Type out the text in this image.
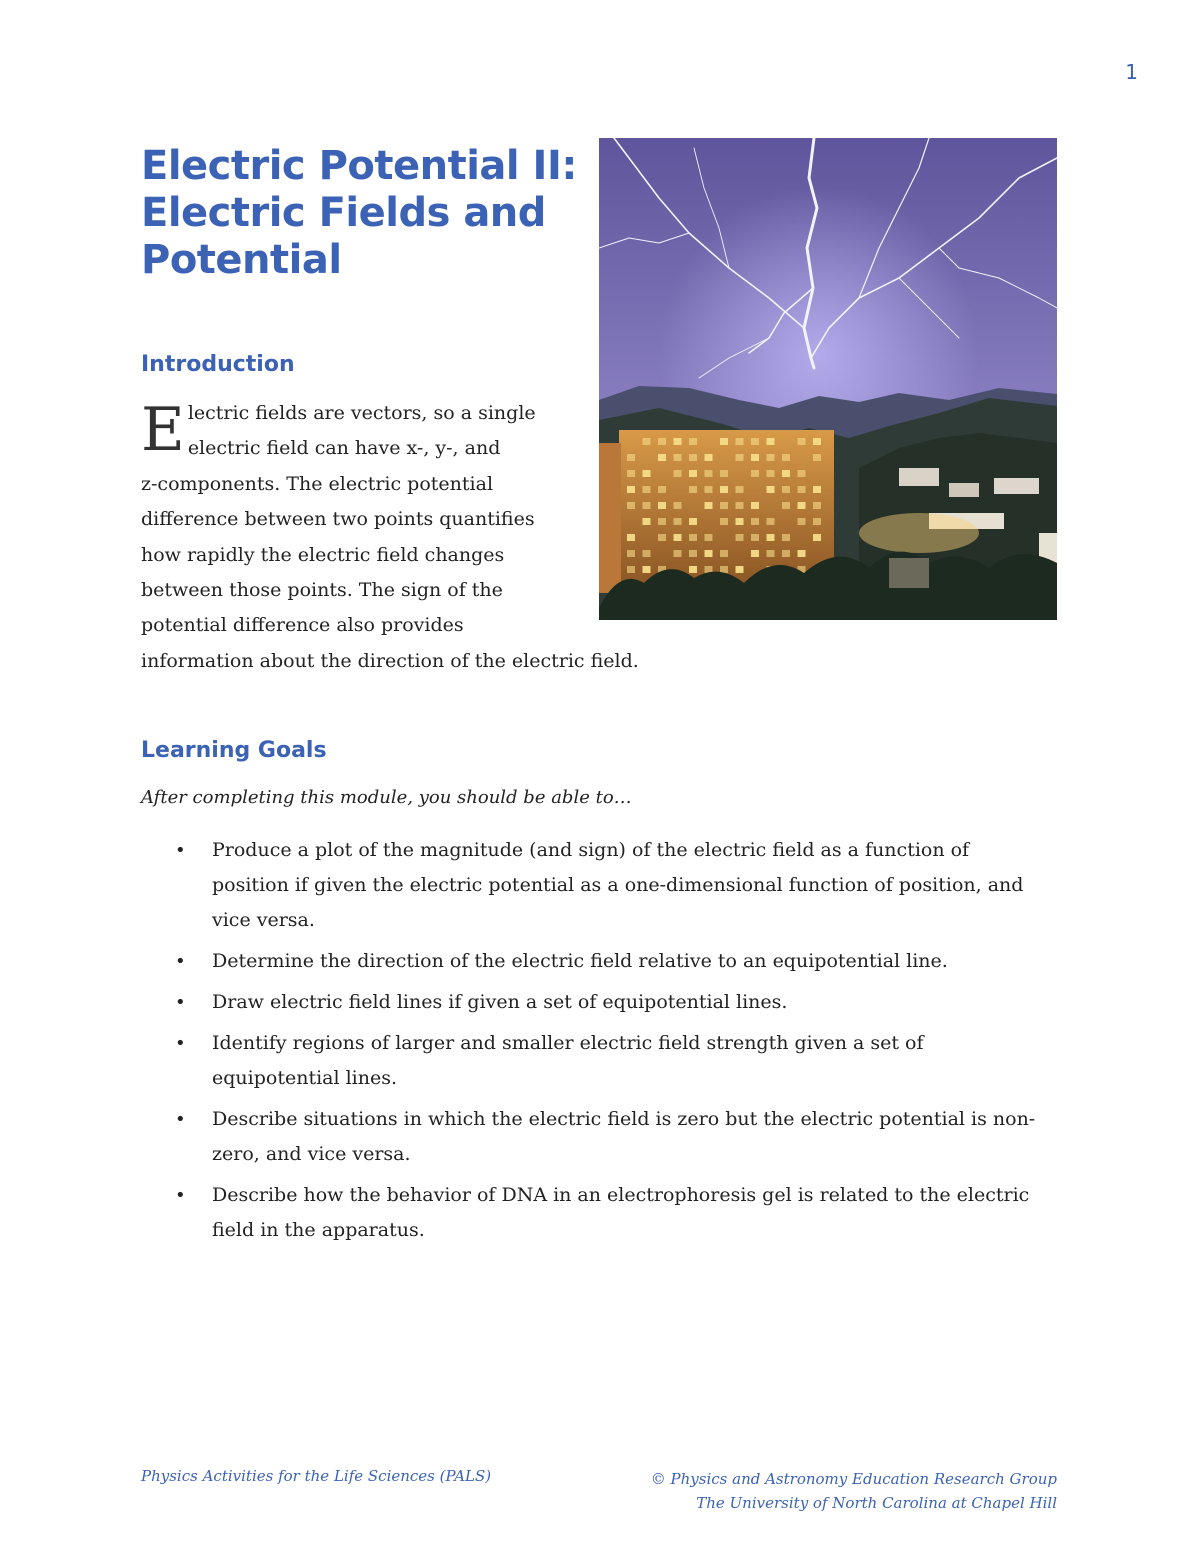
1
Electric Potential II:
Electric Fields and
Potential
Introduction

E lectric fields are vectors, so a single
electric field can have x-, y-, and
z-components. The electric potential
difference between two points quantifies
how rapidly the electric field changes
between those points. The sign of the
potential difference also provides
information about the direction of the electric field.

Learning Goals

After completing this module, you should be able to…

• Produce a plot of the magnitude (and sign) of the electric field as a function of position if given the electric potential as a one-dimensional function of position, and vice versa.
• Determine the direction of the electric field relative to an equipotential line.
• Draw electric field lines if given a set of equipotential lines.
• Identify regions of larger and smaller electric field strength given a set of equipotential lines.
• Describe situations in which the electric field is zero but the electric potential is non-zero, and vice versa.
• Describe how the behavior of DNA in an electrophoresis gel is related to the electric field in the apparatus.
Physics Activities for the Life Sciences (PALS)	© Physics and Astronomy Education Research Group
The University of North Carolina at Chapel Hill
